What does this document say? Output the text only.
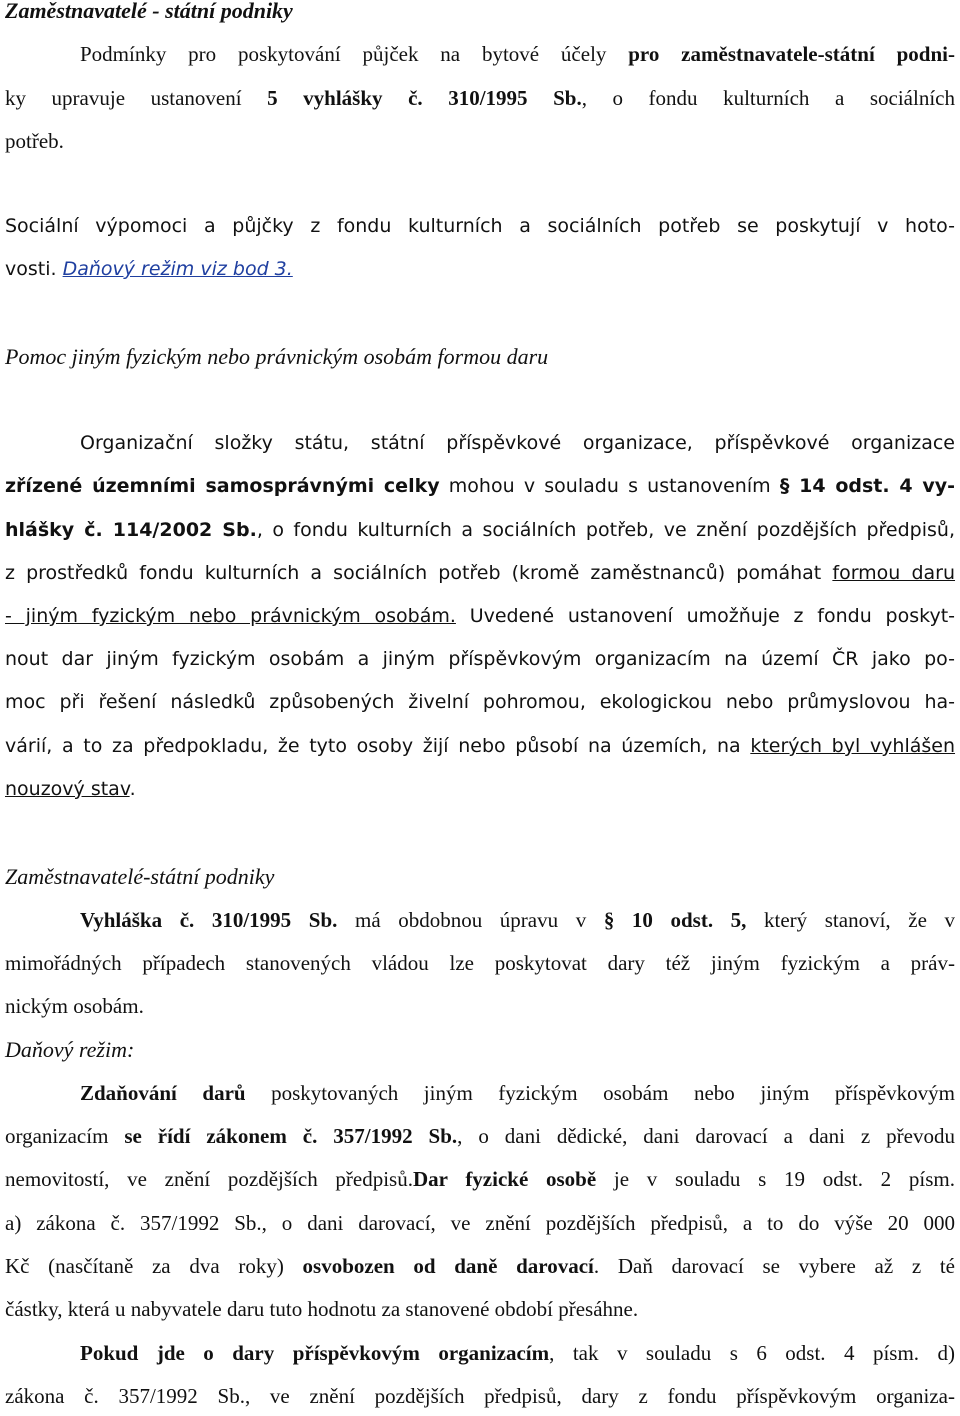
Zaměstnavatelé - státní podniky
Podmínky pro poskytování půjček na bytové účely pro zaměstnavatele-státní podni-
ky upravuje ustanovení 5 vyhlášky č. 310/1995 Sb., o fondu kulturních a sociálních
potřeb.
Sociální výpomoci a půjčky z fondu kulturních a sociálních potřeb se poskytují v hoto-
vosti. Daňový režim viz bod 3.
Pomoc jiným fyzickým nebo právnickým osobám formou daru
Organizační složky státu, státní příspěvkové organizace, příspěvkové organizace
zřízené územními samosprávnými celky mohou v souladu s ustanovením § 14 odst. 4 vy-
hlášky č. 114/2002 Sb., o fondu kulturních a sociálních potřeb, ve znění pozdějších předpisů,
z prostředků fondu kulturních a sociálních potřeb (kromě zaměstnanců) pomáhat formou daru
- jiným fyzickým nebo právnickým osobám. Uvedené ustanovení umožňuje z fondu poskyt-
nout dar jiným fyzickým osobám a jiným příspěvkovým organizacím na území ČR jako po-
moc při řešení následků způsobených živelní pohromou, ekologickou nebo průmyslovou ha-
várií, a to za předpokladu, že tyto osoby žijí nebo působí na územích, na kterých byl vyhlášen
nouzový stav.
Zaměstnavatelé-státní podniky
Vyhláška č. 310/1995 Sb. má obdobnou úpravu v § 10 odst. 5, který stanoví, že v
mimořádných případech stanovených vládou lze poskytovat dary též jiným fyzickým a práv-
nickým osobám.
Daňový režim:
Zdaňování darů poskytovaných jiným fyzickým osobám nebo jiným příspěvkovým
organizacím se řídí zákonem č. 357/1992 Sb., o dani dědické, dani darovací a dani z převodu
nemovitostí, ve znění pozdějších předpisů.Dar fyzické osobě je v souladu s 19 odst. 2 písm.
a) zákona č. 357/1992 Sb., o dani darovací, ve znění pozdějších předpisů, a to do výše 20 000
Kč (nasčítaně za dva roky) osvobozen od daně darovací. Daň darovací se vybere až z té
částky, která u nabyvatele daru tuto hodnotu za stanovené období přesáhne.
Pokud jde o dary příspěvkovým organizacím, tak v souladu s 6 odst. 4 písm. d)
zákona č. 357/1992 Sb., ve znění pozdějších předpisů, dary z fondu příspěvkovým organiza-
